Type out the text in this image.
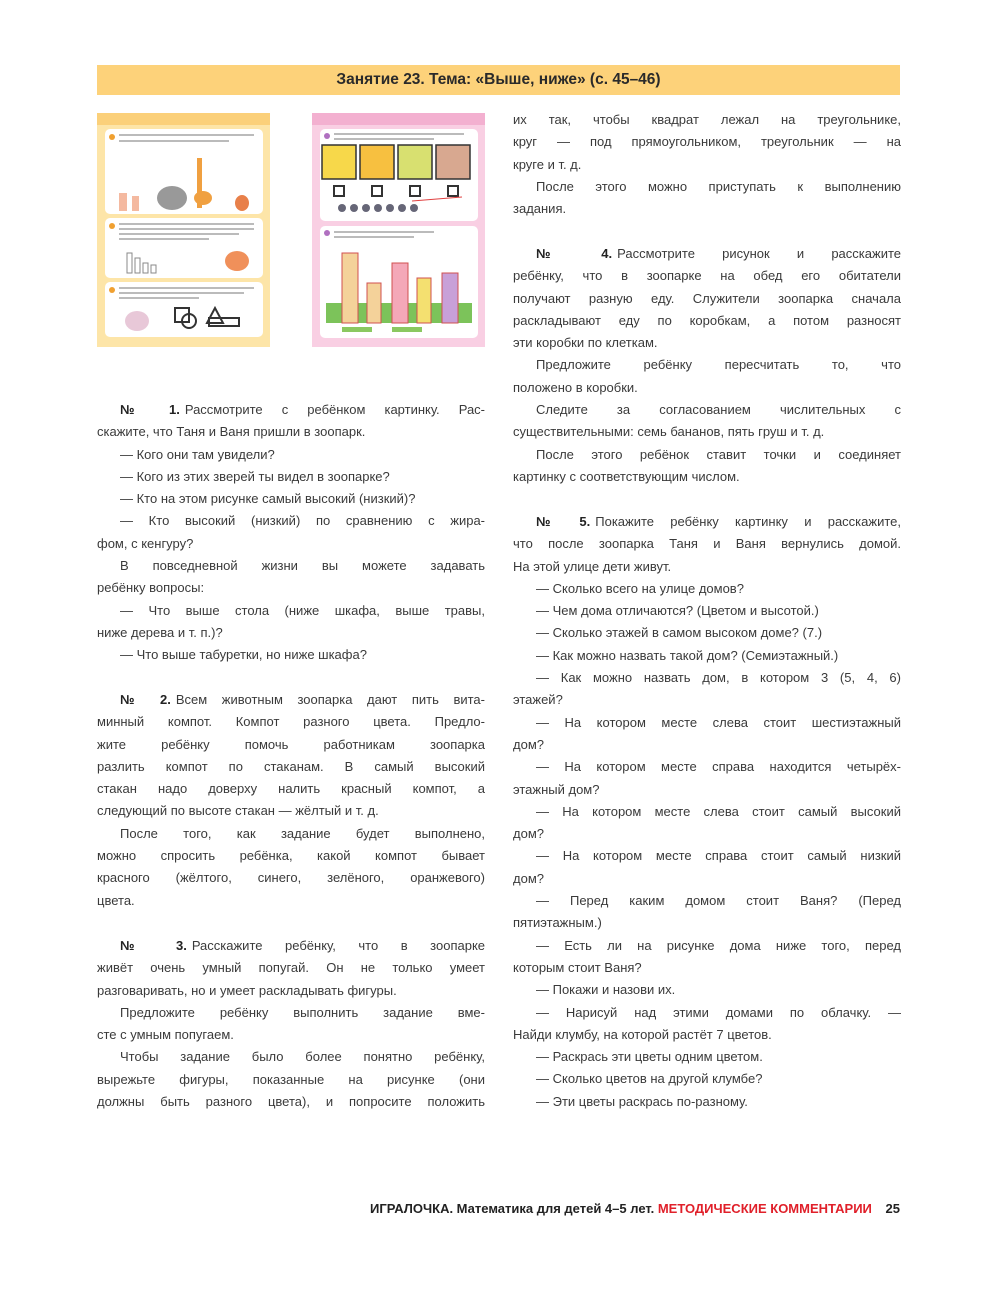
Занятие 23. Тема: «Выше, ниже» (с. 45–46)
№ 1. Рассмотрите с ребёнком картинку. Рас-
скажите, что Таня и Ваня пришли в зоопарк.
— Кого они там увидели?
— Кого из этих зверей ты видел в зоопарке?
— Кто на этом рисунке самый высокий (низкий)?
— Кто высокий (низкий) по сравнению с жира-
фом, с кенгуру?
В повседневной жизни вы можете задавать
ребёнку вопросы:
— Что выше стола (ниже шкафа, выше травы,
ниже дерева и т. п.)?
— Что выше табуретки, но ниже шкафа?
№ 2. Всем животным зоопарка дают пить вита-
минный компот. Компот разного цвета. Предло-
жите ребёнку помочь работникам зоопарка
разлить компот по стаканам. В самый высокий
стакан надо доверху налить красный компот, а
следующий по высоте стакан — жёлтый и т. д.
После того, как задание будет выполнено,
можно спросить ребёнка, какой компот бывает
красного (жёлтого, синего, зелёного, оранжевого)
цвета.
№ 3. Расскажите ребёнку, что в зоопарке
живёт очень умный попугай. Он не только умеет
разговаривать, но и умеет раскладывать фигуры.
Предложите ребёнку выполнить задание вме-
сте с умным попугаем.
Чтобы задание было более понятно ребёнку,
вырежьте фигуры, показанные на рисунке (они
должны быть разного цвета), и попросите положить
их так, чтобы квадрат лежал на треугольнике,
круг — под прямоугольником, треугольник — на
круге и т. д.
После этого можно приступать к выполнению
задания.
№ 4. Рассмотрите рисунок и расскажите
ребёнку, что в зоопарке на обед его обитатели
получают разную еду. Служители зоопарка сначала
раскладывают еду по коробкам, а потом разносят
эти коробки по клеткам.
Предложите ребёнку пересчитать то, что
положено в коробки.
Следите за согласованием числительных с
существительными: семь бананов, пять груш и т. д.
После этого ребёнок ставит точки и соединяет
картинку с соответствующим числом.
№ 5. Покажите ребёнку картинку и расскажите,
что после зоопарка Таня и Ваня вернулись домой.
На этой улице дети живут.
— Сколько всего на улице домов?
— Чем дома отличаются? (Цветом и высотой.)
— Сколько этажей в самом высоком доме? (7.)
— Как можно назвать такой дом? (Семиэтажный.)
— Как можно назвать дом, в котором 3 (5, 4, 6)
этажей?
— На котором месте слева стоит шестиэтажный
дом?
— На котором месте справа находится четырёх-
этажный дом?
— На котором месте слева стоит самый высокий
дом?
— На котором месте справа стоит самый низкий
дом?
— Перед каким домом стоит Ваня? (Перед
пятиэтажным.)
— Есть ли на рисунке дома ниже того, перед
которым стоит Ваня?
— Покажи и назови их.
— Нарисуй над этими домами по облачку. —
Найди клумбу, на которой растёт 7 цветов.
— Раскрась эти цветы одним цветом.
— Сколько цветов на другой клумбе?
— Эти цветы раскрась по-разному.
ИГРАЛОЧКА. Математика для детей 4–5 лет. МЕТОДИЧЕСКИЕ КОММЕНТАРИИ 25
